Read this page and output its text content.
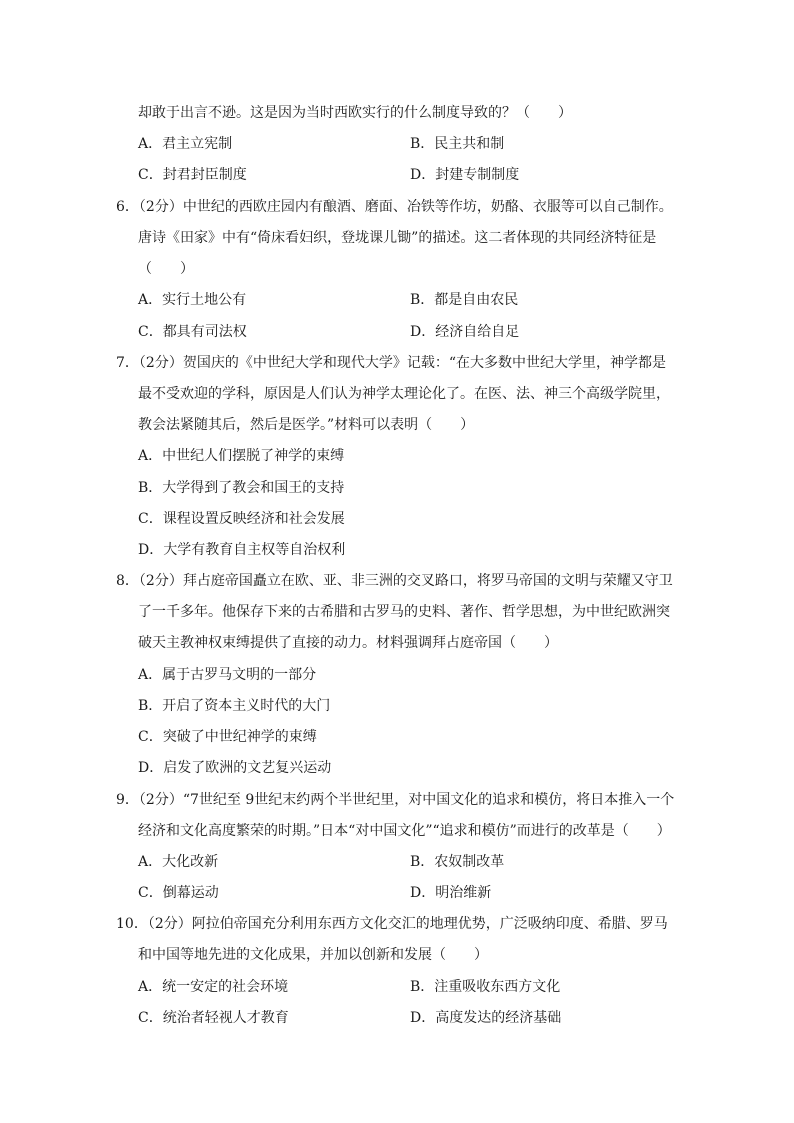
却敢于出言不逊。这是因为当时西欧实行的什么制度导致的？（　　）
A．君主立宪制	B．民主共和制
C．封君封臣制度	D．封建专制制度
6．（2分）中世纪的西欧庄园内有酿酒、磨面、冶铁等作坊，奶酪、衣服等可以自己制作。
唐诗《田家》中有“倚床看妇织，登垅课儿锄”的描述。这二者体现的共同经济特征是
（　　）
A．实行土地公有	B．都是自由农民
C．都具有司法权	D．经济自给自足
7．（2分）贺国庆的《中世纪大学和现代大学》记载：“在大多数中世纪大学里，神学都是
最不受欢迎的学科，原因是人们认为神学太理论化了。在医、法、神三个高级学院里，
教会法紧随其后，然后是医学。”材料可以表明（　　）
A．中世纪人们摆脱了神学的束缚
B．大学得到了教会和国王的支持
C．课程设置反映经济和社会发展
D．大学有教育自主权等自治权利
8．（2分）拜占庭帝国矗立在欧、亚、非三洲的交叉路口，将罗马帝国的文明与荣耀又守卫
了一千多年。他保存下来的古希腊和古罗马的史料、著作、哲学思想，为中世纪欧洲突
破天主教神权束缚提供了直接的动力。材料强调拜占庭帝国（　　）
A．属于古罗马文明的一部分
B．开启了资本主义时代的大门
C．突破了中世纪神学的束缚
D．启发了欧洲的文艺复兴运动
9．（2分）“7世纪至 9世纪末约两个半世纪里，对中国文化的追求和模仿，将日本推入一个
经济和文化高度繁荣的时期。”日本“对中国文化”“追求和模仿”而进行的改革是（　　）
A．大化改新	B．农奴制改革
C．倒幕运动	D．明治维新
10．（2分）阿拉伯帝国充分利用东西方文化交汇的地理优势，广泛吸纳印度、希腊、罗马
和中国等地先进的文化成果，并加以创新和发展（　　）
A．统一安定的社会环境	B．注重吸收东西方文化
C．统治者轻视人才教育	D．高度发达的经济基础
